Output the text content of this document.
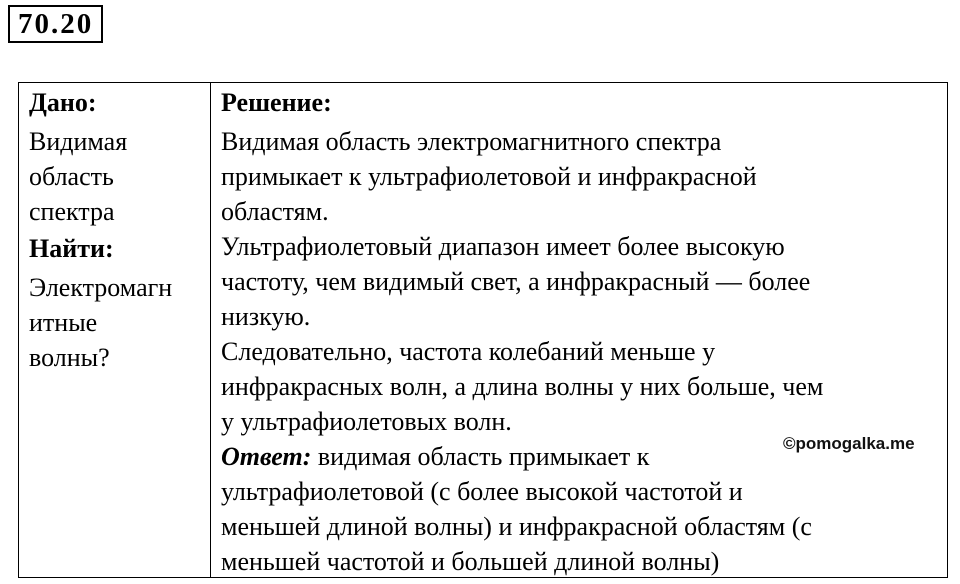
70.20
Дано:
Видимая
область
спектра
Найти:
Электромагн
итные
волны?
Решение:
Видимая область электромагнитного спектра
примыкает к ультрафиолетовой и инфракрасной
областям.
Ультрафиолетовый диапазон имеет более высокую
частоту, чем видимый свет, а инфракрасный — более
низкую.
Следовательно, частота колебаний меньше у
инфракрасных волн, а длина волны у них больше, чем
у ультрафиолетовых волн.
Ответ: видимая область примыкает к
ультрафиолетовой (с более высокой частотой и
меньшей длиной волны) и инфракрасной областям (с
меньшей частотой и большей длиной волны)
©pomogalka.me
